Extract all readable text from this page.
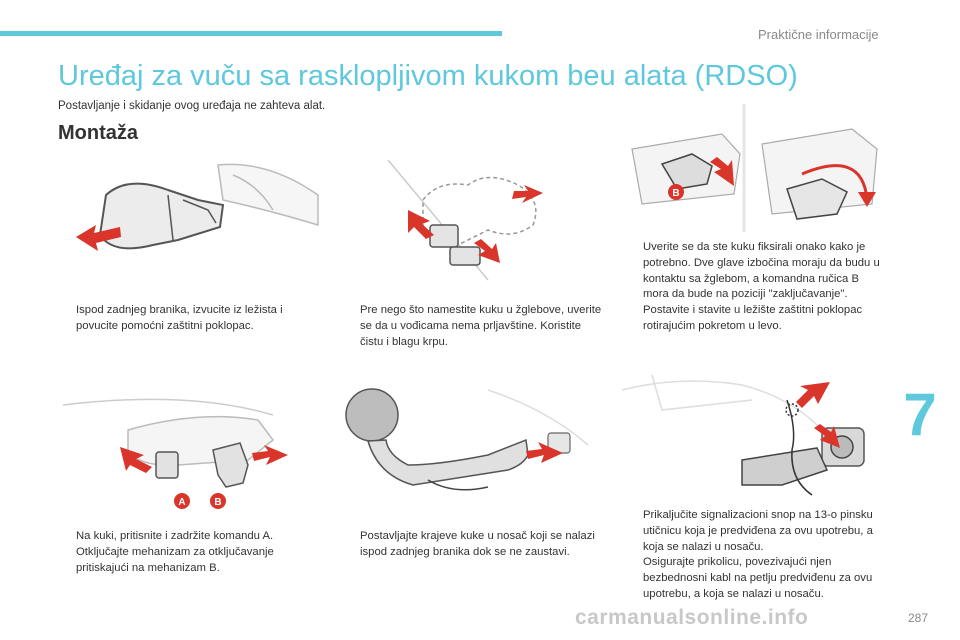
Praktične informacije
7
Uređaj za vuču sa rasklopljivom kukom beu alata (RDSO)
Postavljanje i skidanje ovog uređaja ne zahteva alat.
Montaža
B
A	B
Ispod zadnjeg branika, izvucite iz ležista i povucite pomoćni zaštitni poklopac.
Pre nego što namestite kuku u žglebove, uverite se da u vođicama nema prljavštine. Koristite čistu i blagu krpu.
Uverite se da ste kuku fiksirali onako kako je potrebno. Dve glave izbočina moraju da budu u kontaktu sa žglebom, a komandna ručica B mora da bude na poziciji "zaključavanje".
Postavite i stavite u ležište zaštitni poklopac rotirajućim pokretom u levo.
Na kuki, pritisnite i zadržite komandu A.
Otključajte mehanizam za otključavanje pritiskajući na mehanizam B.
Postavljajte krajeve kuke u nosač koji se nalazi ispod zadnjeg branika dok se ne zaustavi.
Prikaljučite signalizacioni snop na 13-o pinsku utičnicu koja je predviđena za ovu upotrebu, a koja se nalazi u nosaču.
Osigurajte prikolicu, povezivajući njen bezbednosni kabl na petlju predviđenu za ovu upotrebu, a koja se nalazi u nosaču.
carmanualsonline.info	287
